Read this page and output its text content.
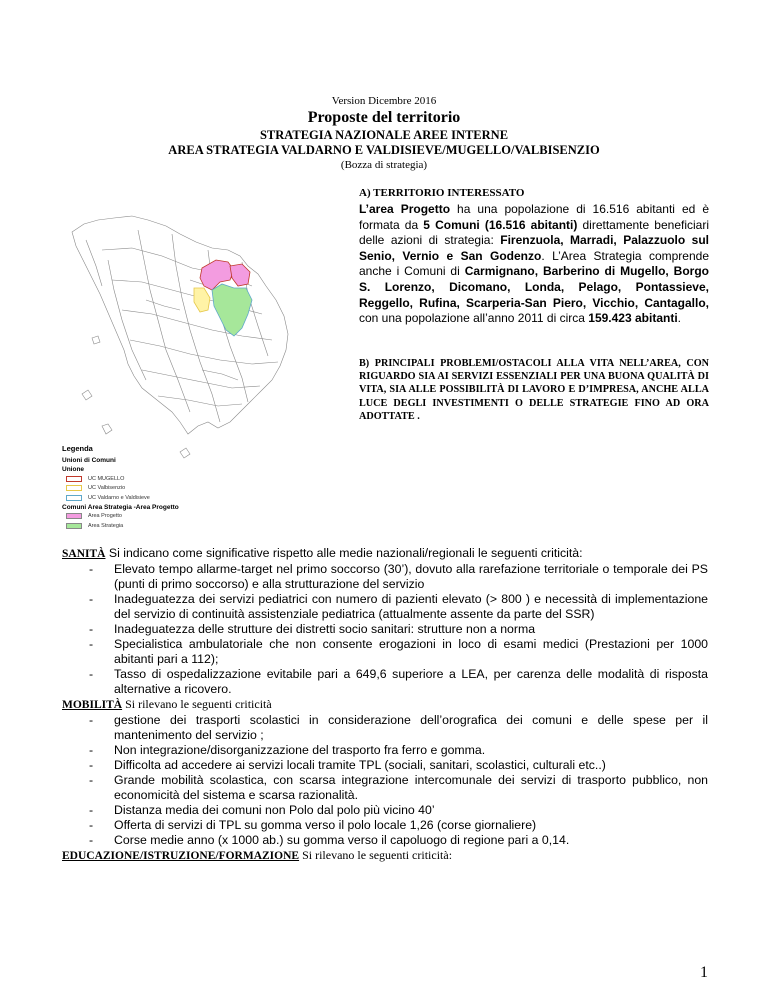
Version Dicembre 2016
Proposte del territorio
STRATEGIA NAZIONALE AREE INTERNE
AREA STRATEGIA VALDARNO E VALDISIEVE/MUGELLO/VALBISENZIO
(Bozza di strategia)
Legenda
Unioni di Comuni
Unione
UC MUGELLO
UC Valbisenzio
UC Valdarno e Valdisieve
Comuni Area Strategia -Area Progetto
Area Progetto
Area Strategia
A) TERRITORIO INTERESSATO
L’area Progetto ha una popolazione di 16.516 abitanti ed è formata da 5 Comuni (16.516 abitanti) direttamente beneficiari delle azioni di strategia: Firenzuola, Marradi, Palazzuolo sul Senio, Vernio e San Godenzo. L’Area Strategia comprende anche i Comuni di Carmignano, Barberino di Mugello, Borgo S. Lorenzo, Dicomano, Londa, Pelago, Pontassieve, Reggello, Rufina, Scarperia-San Piero, Vicchio, Cantagallo, con una popolazione all’anno 2011 di circa 159.423 abitanti.
B) PRINCIPALI PROBLEMI/OSTACOLI ALLA VITA NELL’AREA, CON RIGUARDO SIA AI SERVIZI ESSENZIALI PER UNA BUONA QUALITÀ DI VITA, SIA ALLE POSSIBILITÀ DI LAVORO E D’IMPRESA, ANCHE ALLA LUCE DEGLI INVESTIMENTI O DELLE STRATEGIE FINO AD ORA ADOTTATE .

SANITÀ Si indicano come significative rispetto alle medie nazionali/regionali le seguenti criticità:

-	Elevato tempo allarme-target nel primo soccorso (30’), dovuto alla rarefazione territoriale o temporale dei PS (punti di primo soccorso) e alla strutturazione del servizio
-	Inadeguatezza dei servizi pediatrici con numero di pazienti elevato (> 800 ) e necessità di implementazione del servizio di continuità assistenziale pediatrica (attualmente assente da parte del SSR)
-	Inadeguatezza delle strutture dei distretti socio sanitari: strutture non a norma
-	Specialistica ambulatoriale che non consente erogazioni in loco di esami medici (Prestazioni per 1000 abitanti pari a 112);
-	Tasso di ospedalizzazione evitabile pari a 649,6 superiore a LEA, per carenza delle modalità di risposta alternative a ricovero.

MOBILITÀ Si rilevano le seguenti criticità

-	gestione dei trasporti scolastici in considerazione dell’orografica dei comuni e delle spese per il mantenimento del servizio ;
-	Non integrazione/disorganizzazione del trasporto fra ferro e gomma.
-	Difficolta ad accedere ai servizi locali tramite TPL (sociali, sanitari, scolastici, culturali etc..)
-	Grande mobilità scolastica, con scarsa integrazione intercomunale dei servizi di trasporto pubblico, non economicità del sistema e scarsa razionalità.
-	Distanza media dei comuni non Polo dal polo più vicino 40’
-	Offerta di servizi di TPL su gomma verso il polo locale 1,26 (corse giornaliere)
-	Corse medie anno (x 1000 ab.) su gomma verso il capoluogo di regione pari a 0,14.

EDUCAZIONE/ISTRUZIONE/FORMAZIONE Si rilevano le seguenti criticità:

1
